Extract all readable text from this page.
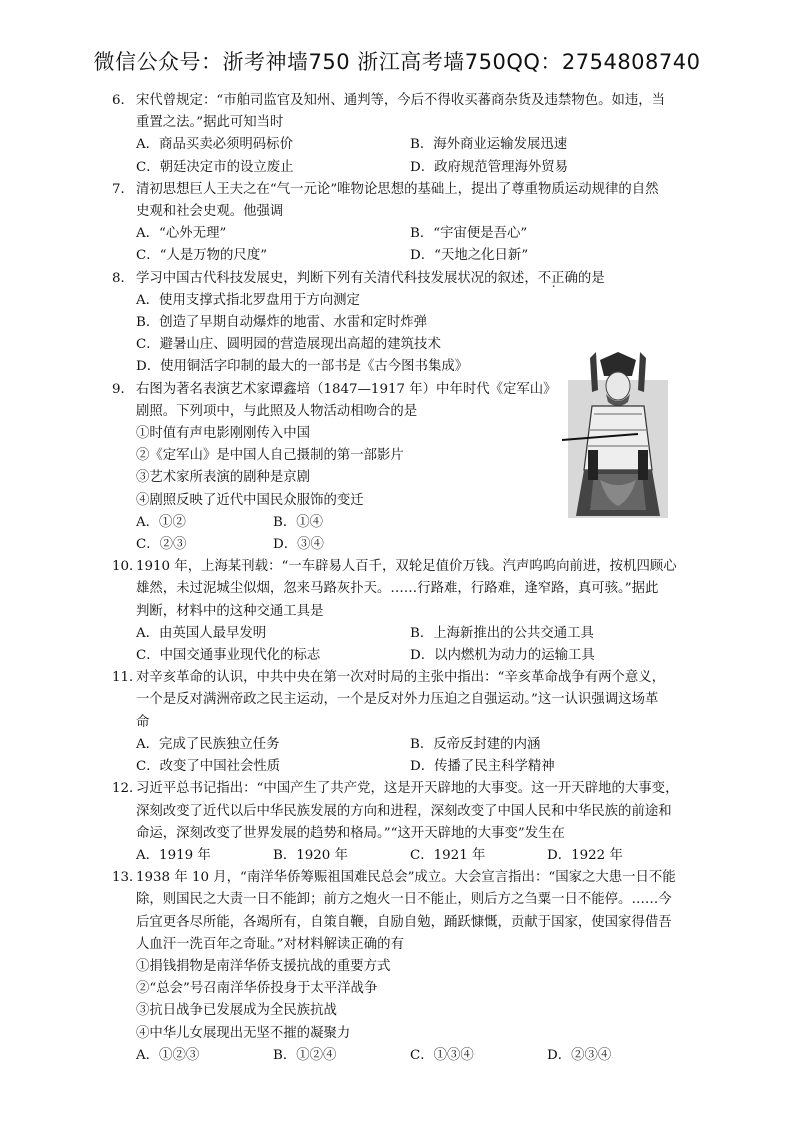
微信公众号：浙考神墙750 浙江高考墙750QQ：2754808740
6． 宋代曾规定：“市舶司监官及知州、通判等，今后不得收买蕃商杂货及违禁物色。如违，当
重置之法。”据此可知当时
A．商品买卖必须明码标价	B．海外商业运输发展迅速
C．朝廷决定市的设立废止	D．政府规范管理海外贸易
7． 清初思想巨人王夫之在“气一元论”唯物论思想的基础上，提出了尊重物质运动规律的自然
史观和社会史观。他强调
A．“心外无理”	B．“宇宙便是吾心”
C．“人是万物的尺度”	D．“天地之化日新”
8． 学习中国古代科技发展史，判断下列有关清代科技发展状况的叙述，不正确的是
A．使用支撑式指北罗盘用于方向测定
B．创造了早期自动爆炸的地雷、水雷和定时炸弹
C．避暑山庄、圆明园的营造展现出高超的建筑技术
D．使用铜活字印制的最大的一部书是《古今图书集成》
9． 右图为著名表演艺术家谭鑫培（1847—1917 年）中年时代《定军山》
剧照。下列项中，与此照及人物活动相吻合的是
①时值有声电影刚刚传入中国
②《定军山》是中国人自己摄制的第一部影片
③艺术家所表演的剧种是京剧
④剧照反映了近代中国民众服饰的变迁
A．①②	B．①④
C．②③	D．③④
10．
1910 年，上海某刊载：“一车辟易人百千，双轮足值价万钱。汽声呜呜向前进，按机四顾心
雄然，未过泥城尘似烟，忽来马路灰扑天。……行路难，行路难，逢窄路，真可骇。”据此
判断，材料中的这种交通工具是
A．由英国人最早发明	B．上海新推出的公共交通工具
C．中国交通事业现代化的标志	D．以内燃机为动力的运输工具
11．
对辛亥革命的认识，中共中央在第一次对时局的主张中指出：“辛亥革命战争有两个意义，
一个是反对满洲帝政之民主运动，一个是反对外力压迫之自强运动。”这一认识强调这场革
命
A．完成了民族独立任务	B．反帝反封建的内涵
C．改变了中国社会性质	D．传播了民主科学精神
12．
习近平总书记指出：“中国产生了共产党，这是开天辟地的大事变。这一开天辟地的大事变，
深刻改变了近代以后中华民族发展的方向和进程，深刻改变了中国人民和中华民族的前途和
命运，深刻改变了世界发展的趋势和格局。”“这开天辟地的大事变”发生在
A．1919 年	B．1920 年	C．1921 年	D．1922 年
13．
1938 年 10 月，“南洋华侨筹赈祖国难民总会”成立。大会宣言指出：“国家之大患一日不能
除，则国民之大责一日不能卸；前方之炮火一日不能止，则后方之刍粟一日不能停。……今
后宜更各尽所能，各竭所有，自策自鞭，自励自勉，踊跃慷慨，贡献于国家，使国家得借吾
人血汗一洗百年之奇耻。”对材料解读正确的有
①捐钱捐物是南洋华侨支援抗战的重要方式
②“总会”号召南洋华侨投身于太平洋战争
③抗日战争已发展成为全民族抗战
④中华儿女展现出无坚不摧的凝聚力
A．①②③	B．①②④	C．①③④	D．②③④
